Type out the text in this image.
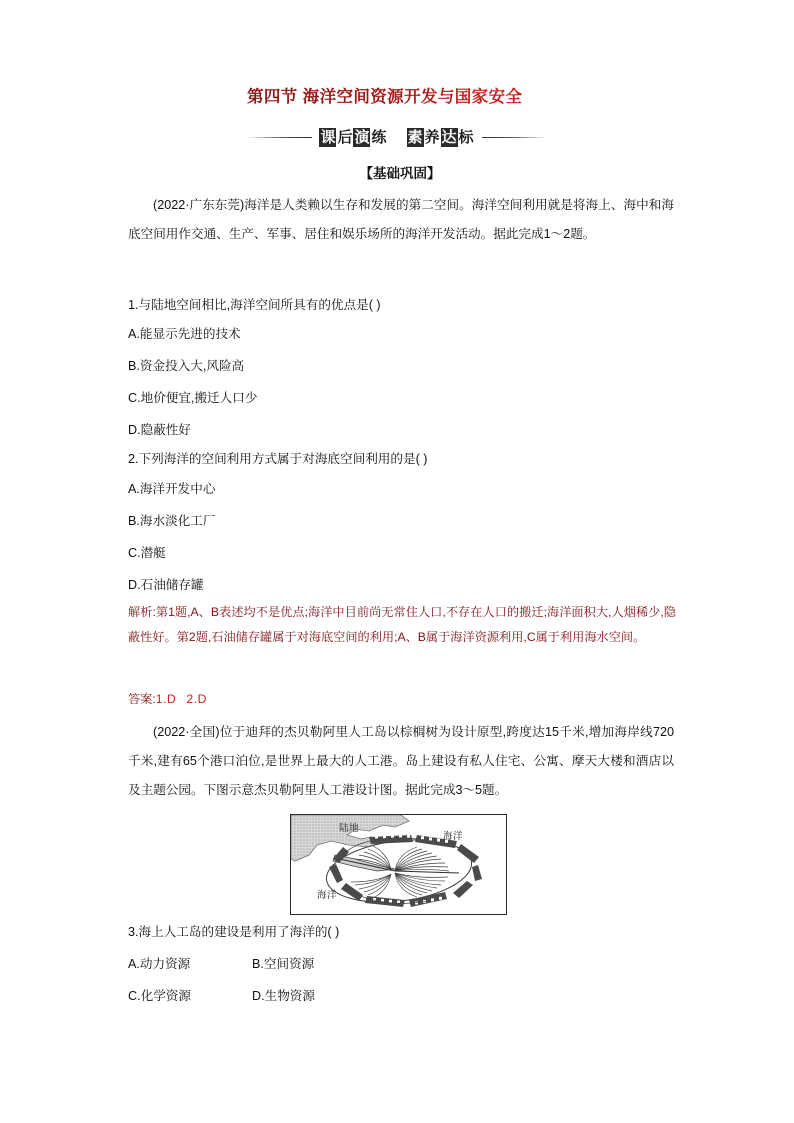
第四节 海洋空间资源开发与国家安全
课 后 演 练 素 养 达 标
【基础巩固】
(2022·广东东莞)海洋是人类赖以生存和发展的第二空间。海洋空间利用就是将海上、海中和海底空间用作交通、生产、军事、居住和娱乐场所的海洋开发活动。据此完成1～2题。
1.与陆地空间相比,海洋空间所具有的优点是( )
A.能显示先进的技术
B.资金投入大,风险高
C.地价便宜,搬迁人口少
D.隐蔽性好
2.下列海洋的空间利用方式属于对海底空间利用的是( )
A.海洋开发中心
B.海水淡化工厂
C.潜艇
D.石油储存罐
解析:第1题,A、B表述均不是优点;海洋中目前尚无常住人口,不存在人口的搬迁;海洋面积大,人烟稀少,隐蔽性好。第2题,石油储存罐属于对海底空间的利用;A、B属于海洋资源利用,C属于利用海水空间。
答案:1.D 2.D
(2022·全国)位于迪拜的杰贝勒阿里人工岛以棕榈树为设计原型,跨度达15千米,增加海岸线720千米,建有65个港口泊位,是世界上最大的人工港。岛上建设有私人住宅、公寓、摩天大楼和酒店以及主题公园。下图示意杰贝勒阿里人工港设计图。据此完成3～5题。
陆地
海洋
海洋
3.海上人工岛的建设是利用了海洋的( )
A.动力资源	B.空间资源
C.化学资源	D.生物资源
